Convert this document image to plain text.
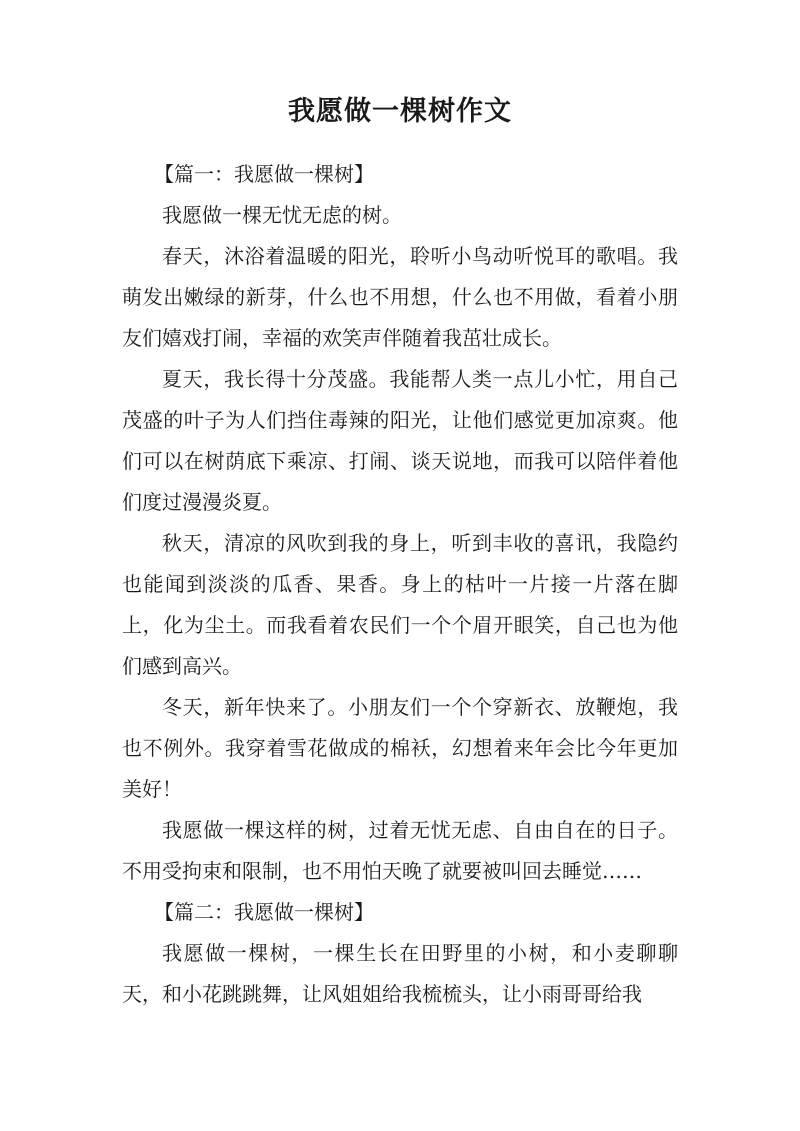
我愿做一棵树作文

【篇一：我愿做一棵树】

我愿做一棵无忧无虑的树。

春天，沐浴着温暖的阳光，聆听小鸟动听悦耳的歌唱。我萌发出嫩绿的新芽，什么也不用想，什么也不用做，看着小朋友们嬉戏打闹，幸福的欢笑声伴随着我茁壮成长。

夏天，我长得十分茂盛。我能帮人类一点儿小忙，用自己茂盛的叶子为人们挡住毒辣的阳光，让他们感觉更加凉爽。他们可以在树荫底下乘凉、打闹、谈天说地，而我可以陪伴着他们度过漫漫炎夏。

秋天，清凉的风吹到我的身上，听到丰收的喜讯，我隐约也能闻到淡淡的瓜香、果香。身上的枯叶一片接一片落在脚上，化为尘土。而我看着农民们一个个眉开眼笑，自己也为他们感到高兴。

冬天，新年快来了。小朋友们一个个穿新衣、放鞭炮，我也不例外。我穿着雪花做成的棉袄，幻想着来年会比今年更加美好！

我愿做一棵这样的树，过着无忧无虑、自由自在的日子。不用受拘束和限制，也不用怕天晚了就要被叫回去睡觉……

【篇二：我愿做一棵树】

我愿做一棵树，一棵生长在田野里的小树，和小麦聊聊天，和小花跳跳舞，让风姐姐给我梳梳头，让小雨哥哥给我
